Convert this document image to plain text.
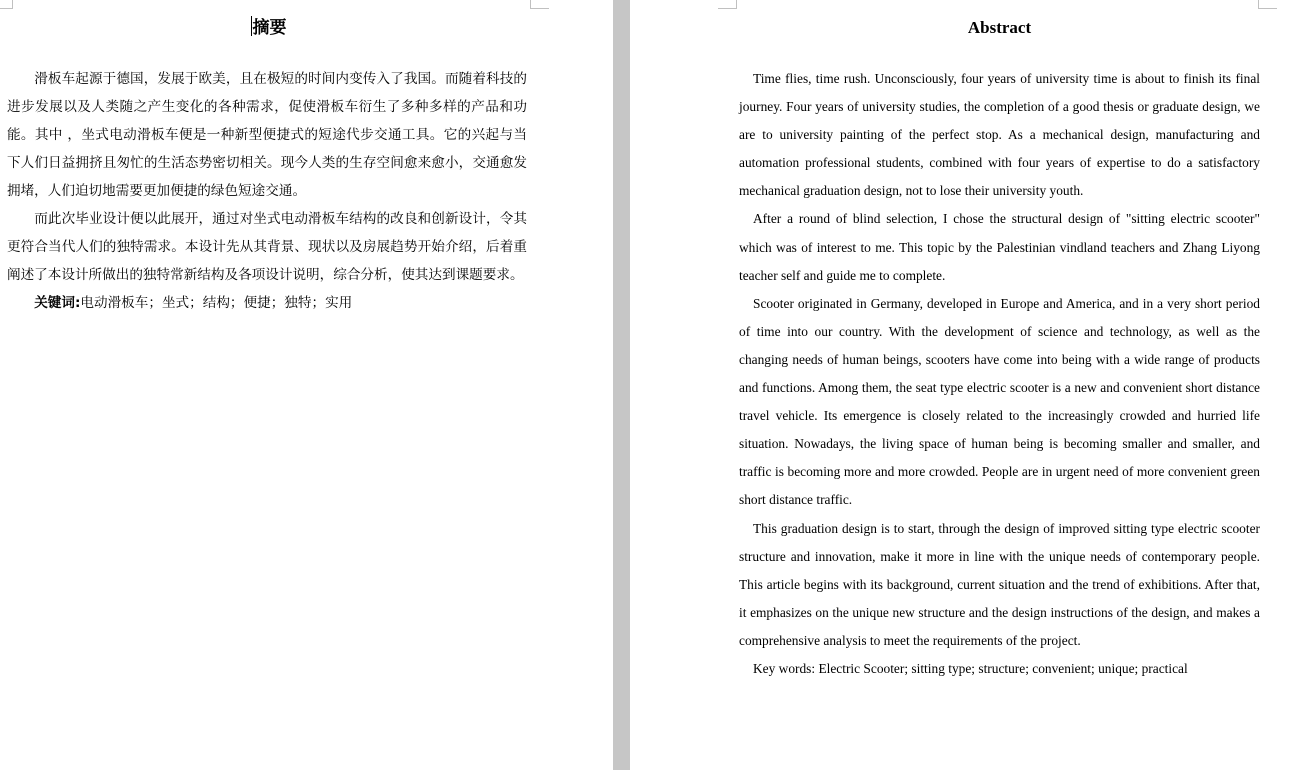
摘要

滑板车起源于德国，发展于欧美，且在极短的时间内变传入了我国。而随着科技的进步发展以及人类随之产生变化的各种需求，促使滑板车衍生了多种多样的产品和功能。其中 ，坐式电动滑板车便是一种新型便捷式的短途代步交通工具。它的兴起与当下人们日益拥挤且匆忙的生活态势密切相关。现今人类的生存空间愈来愈小，交通愈发拥堵，人们迫切地需要更加便捷的绿色短途交通。

而此次毕业设计便以此展开，通过对坐式电动滑板车结构的改良和创新设计，令其更符合当代人们的独特需求。本设计先从其背景、现状以及房展趋势开始介绍，后着重阐述了本设计所做出的独特常新结构及各项设计说明，综合分析，使其达到课题要求。

关键词:电动滑板车；坐式；结构；便捷；独特；实用

Abstract

Time flies, time rush. Unconsciously, four years of university time is about to finish its final journey. Four years of university studies, the completion of a good thesis or graduate design, we are to university painting of the perfect stop. As a mechanical design, manufacturing and automation professional students, combined with four years of expertise to do a satisfactory mechanical graduation design, not to lose their university youth.

After a round of blind selection, I chose the structural design of "sitting electric scooter" which was of interest to me. This topic by the Palestinian vindland teachers and Zhang Liyong teacher self and guide me to complete.

Scooter originated in Germany, developed in Europe and America, and in a very short period of time into our country. With the development of science and technology, as well as the changing needs of human beings, scooters have come into being with a wide range of products and functions. Among them, the seat type electric scooter is a new and convenient short distance travel vehicle. Its emergence is closely related to the increasingly crowded and hurried life situation. Nowadays, the living space of human being is becoming smaller and smaller, and traffic is becoming more and more crowded. People are in urgent need of more convenient green short distance traffic.

This graduation design is to start, through the design of improved sitting type electric scooter structure and innovation, make it more in line with the unique needs of contemporary people. This article begins with its background, current situation and the trend of exhibitions. After that, it emphasizes on the unique new structure and the design instructions of the design, and makes a comprehensive analysis to meet the requirements of the project.

Key words: Electric Scooter; sitting type; structure; convenient; unique; practical
